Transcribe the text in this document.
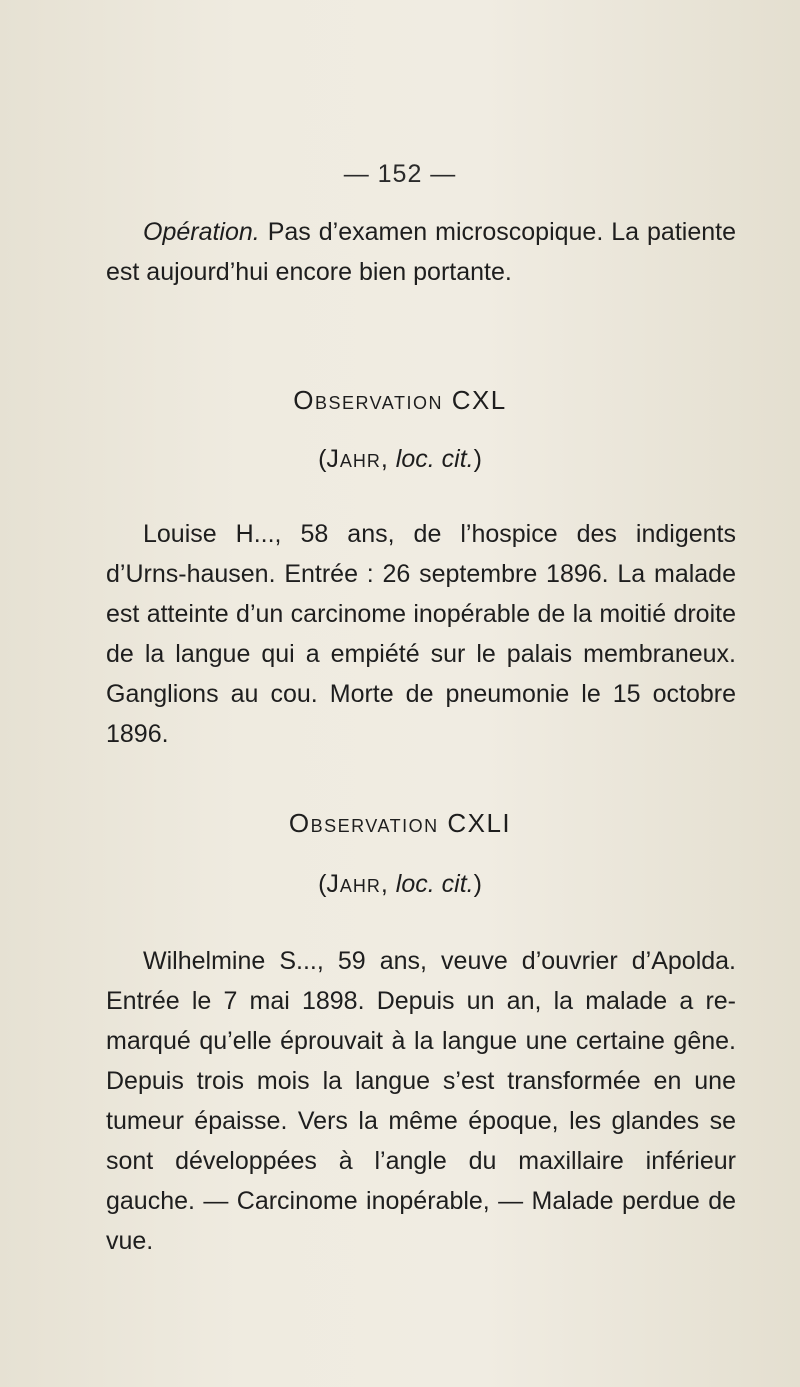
— 152 —

Opération. Pas d’examen microscopique. La patiente est aujourd’hui encore bien portante.

Observation CXL
(Jahr, loc. cit.)

Louise H..., 58 ans, de l’hospice des indigents d’Urns-hausen. Entrée : 26 septembre 1896. La malade est atteinte d’un carcinome inopérable de la moitié droite de la langue qui a empiété sur le palais membraneux. Ganglions au cou. Morte de pneumonie le 15 octobre 1896.

Observation CXLI
(Jahr, loc. cit.)

Wilhelmine S..., 59 ans, veuve d’ouvrier d’Apolda. Entrée le 7 mai 1898. Depuis un an, la malade a re-marqué qu’elle éprouvait à la langue une certaine gêne. Depuis trois mois la langue s’est transformée en une tumeur épaisse. Vers la même époque, les glandes se sont développées à l’angle du maxillaire inférieur gauche. — Carcinome inopérable, — Malade perdue de vue.
